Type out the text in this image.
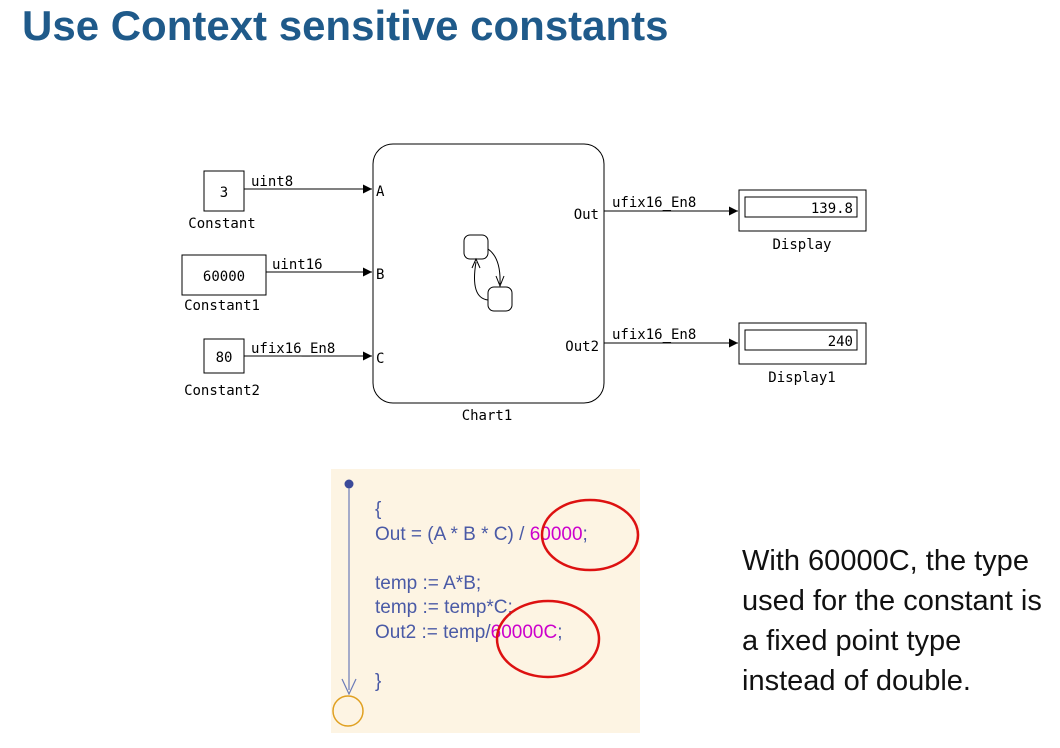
Use Context sensitive constants
3
Constant
uint8
60000
Constant1
uint16
80
Constant2
ufix16_En8
A
B
C
Out
Out2
Chart1
ufix16_En8
ufix16_En8
139.8
Display
240
Display1
{
Out = (A * B * C) / 60000;
temp := A*B;
temp := temp*C;
Out2 := temp/60000C;
}
With 60000C, the type used for the constant is a fixed point type instead of double.
